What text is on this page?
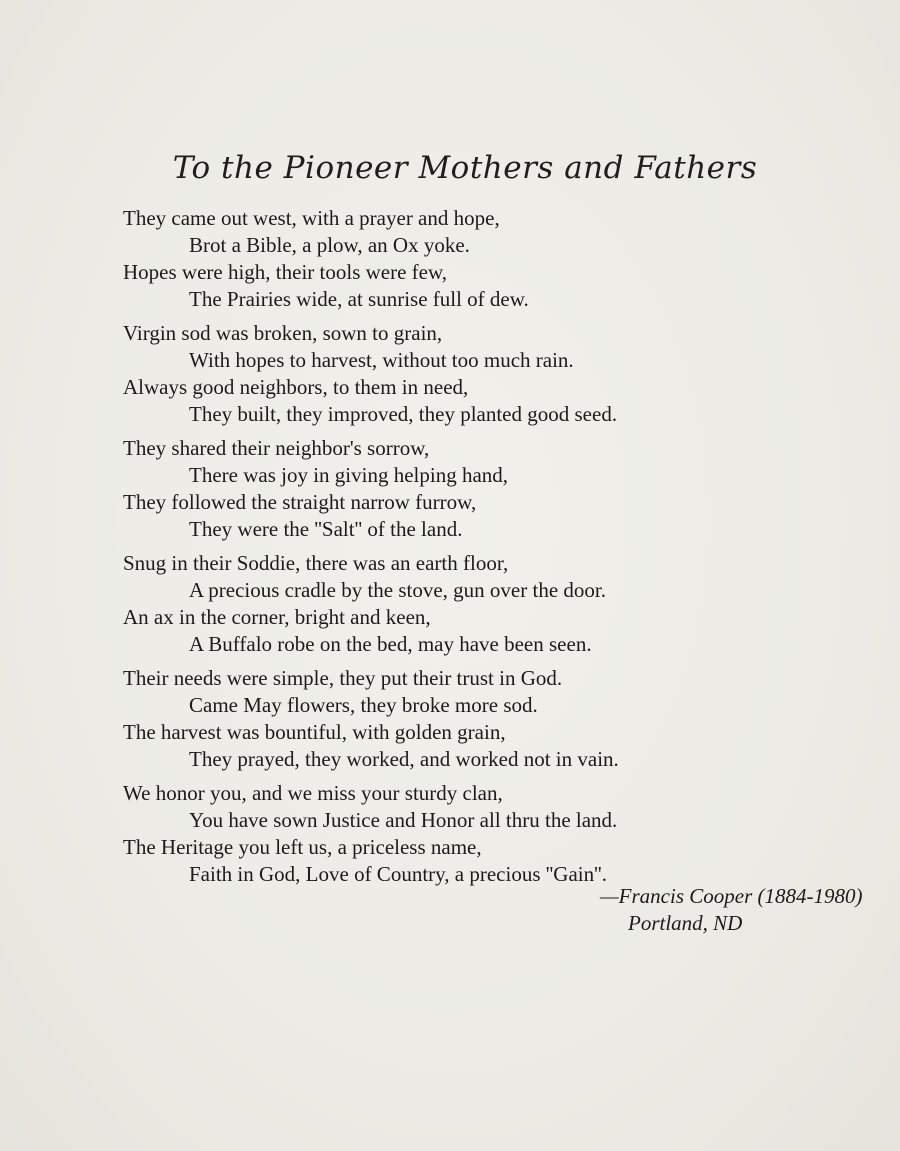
To the Pioneer Mothers and Fathers
They came out west, with a prayer and hope,
Brot a Bible, a plow, an Ox yoke.
Hopes were high, their tools were few,
The Prairies wide, at sunrise full of dew.
Virgin sod was broken, sown to grain,
With hopes to harvest, without too much rain.
Always good neighbors, to them in need,
They built, they improved, they planted good seed.
They shared their neighbor's sorrow,
There was joy in giving helping hand,
They followed the straight narrow furrow,
They were the ''Salt'' of the land.
Snug in their Soddie, there was an earth floor,
A precious cradle by the stove, gun over the door.
An ax in the corner, bright and keen,
A Buffalo robe on the bed, may have been seen.
Their needs were simple, they put their trust in God.
Came May flowers, they broke more sod.
The harvest was bountiful, with golden grain,
They prayed, they worked, and worked not in vain.
We honor you, and we miss your sturdy clan,
You have sown Justice and Honor all thru the land.
The Heritage you left us, a priceless name,
Faith in God, Love of Country, a precious ''Gain''.
—Francis Cooper (1884-1980)
Portland, ND
